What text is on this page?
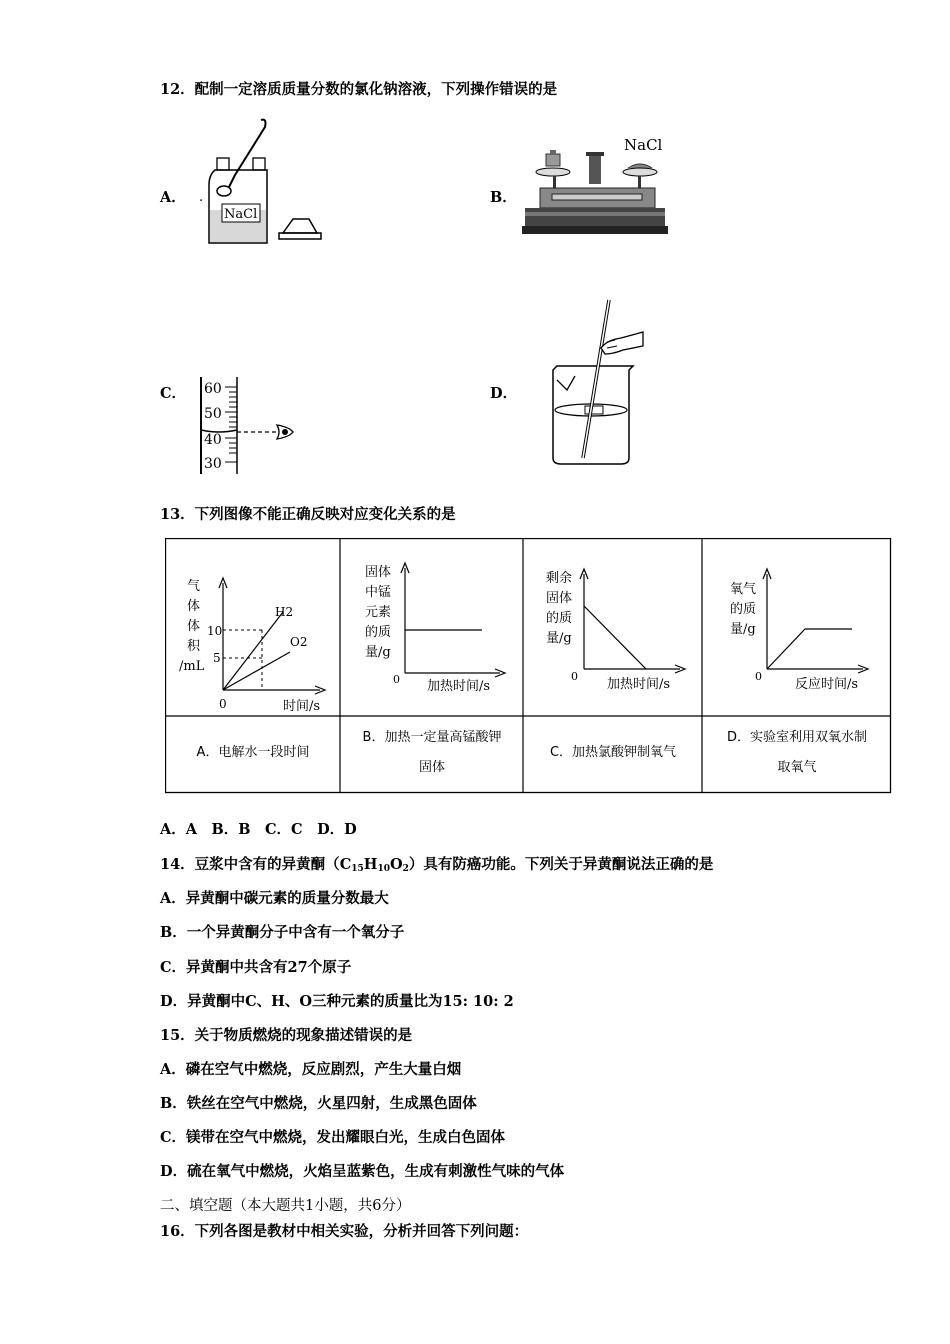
12．配制一定溶质质量分数的氯化钠溶液，下列操作错误的是
A．	B．
C．	D．
.
NaCl
NaCl
60
50
40
30
13．下列图像不能正确反映对应变化关系的是
气
体
体
积
/mL
10
5
H2
O2
0	时间/s
固体
中锰
元素
的质
量/g
0 加热时间/s
剩余
固体
的质
量/g
0
加热时间/s
氧气
的质
量/g
0
反应时间/s
A．电解水一段时间
B．加热一定量高锰酸钾
固体
C．加热氯酸钾制氧气
D．实验室利用双氧水制
取氧气
A．A　B．B　C．C　D．D
14．豆浆中含有的异黄酮$(C_{15}H_{10}O_2)$具有防癌功能。下列关于异黄酮说法正确的是
A．异黄酮中碳元素的质量分数最大
B．一个异黄酮分子中含有一个氧分子
C．异黄酮中共含有27个原子
D．异黄酮中C、H、O三种元素的质量比为15: 10: 2
15．关于物质燃烧的现象描述错误的是
A．磷在空气中燃烧，反应剧烈，产生大量白烟
B．铁丝在空气中燃烧，火星四射，生成黑色固体
C．镁带在空气中燃烧，发出耀眼白光，生成白色固体
D．硫在氧气中燃烧，火焰呈蓝紫色，生成有刺激性气味的气体
二、填空题（本大题共1小题，共6分）
16．下列各图是教材中相关实验，分析并回答下列问题：
